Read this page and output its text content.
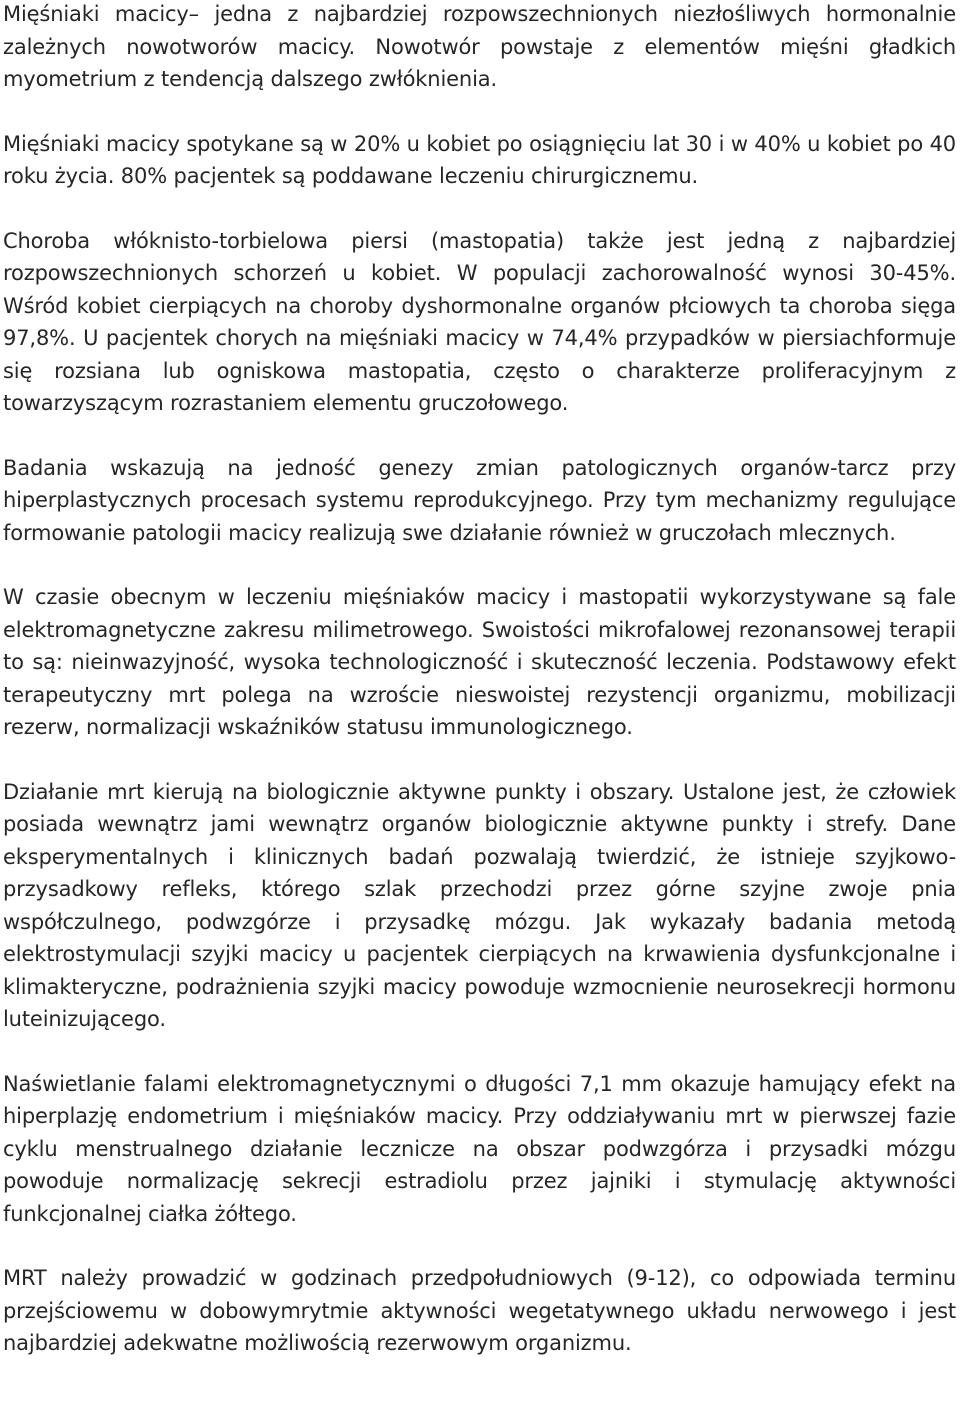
Mięśniaki macicy– jedna z najbardziej rozpowszechnionych niezłośliwych hormonalnie zależnych nowotworów macicy. Nowotwór powstaje z elementów mięśni gładkich myometrium z tendencją dalszego zwłóknienia.

Mięśniaki macicy spotykane są w 20% u kobiet po osiągnięciu lat 30 i w 40% u kobiet po 40 roku życia. 80% pacjentek są poddawane leczeniu chirurgicznemu.

Choroba włóknisto-torbielowa piersi (mastopatia) także jest jedną z najbardziej rozpowszechnionych schorzeń u kobiet. W populacji zachorowalność wynosi 30-45%. Wśród kobiet cierpiących na choroby dyshormonalne organów płciowych ta choroba sięga 97,8%. U pacjentek chorych na mięśniaki macicy w 74,4% przypadków w piersiachformuje się rozsiana lub ogniskowa mastopatia, często o charakterze proliferacyjnym z towarzyszącym rozrastaniem elementu gruczołowego.

Badania wskazują na jedność genezy zmian patologicznych organów-tarcz przy hiperplastycznych procesach systemu reprodukcyjnego. Przy tym mechanizmy regulujące formowanie patologii macicy realizują swe działanie również w gruczołach mlecznych.

W czasie obecnym w leczeniu mięśniaków macicy i mastopatii wykorzystywane są fale elektromagnetyczne zakresu milimetrowego. Swoistości mikrofalowej rezonansowej terapii to są: nieinwazyjność, wysoka technologiczność i skuteczność leczenia. Podstawowy efekt terapeutyczny mrt polega na wzroście nieswoistej rezystencji organizmu, mobilizacji rezerw, normalizacji wskaźników statusu immunologicznego.

Działanie mrt kierują na biologicznie aktywne punkty i obszary. Ustalone jest, że człowiek posiada wewnątrz jami wewnątrz organów biologicznie aktywne punkty i strefy. Dane eksperymentalnych i klinicznych badań pozwalają twierdzić, że istnieje szyjkowo-przysadkowy refleks, którego szlak przechodzi przez górne szyjne zwoje pnia współczulnego, podwzgórze i przysadkę mózgu. Jak wykazały badania metodą elektrostymulacji szyjki macicy u pacjentek cierpiących na krwawienia dysfunkcjonalne i klimakteryczne, podrażnienia szyjki macicy powoduje wzmocnienie neurosekrecji hormonu luteinizującego.

Naświetlanie falami elektromagnetycznymi o długości 7,1 mm okazuje hamujący efekt na hiperplazję endometrium i mięśniaków macicy. Przy oddziaływaniu mrt w pierwszej fazie cyklu menstrualnego działanie lecznicze na obszar podwzgórza i przysadki mózgu powoduje normalizację sekrecji estradiolu przez jajniki i stymulację aktywności funkcjonalnej ciałka żółtego.

MRT należy prowadzić w godzinach przedpołudniowych (9-12), co odpowiada terminu przejściowemu w dobowymrytmie aktywności wegetatywnego układu nerwowego i jest najbardziej adekwatne możliwością rezerwowym organizmu.
